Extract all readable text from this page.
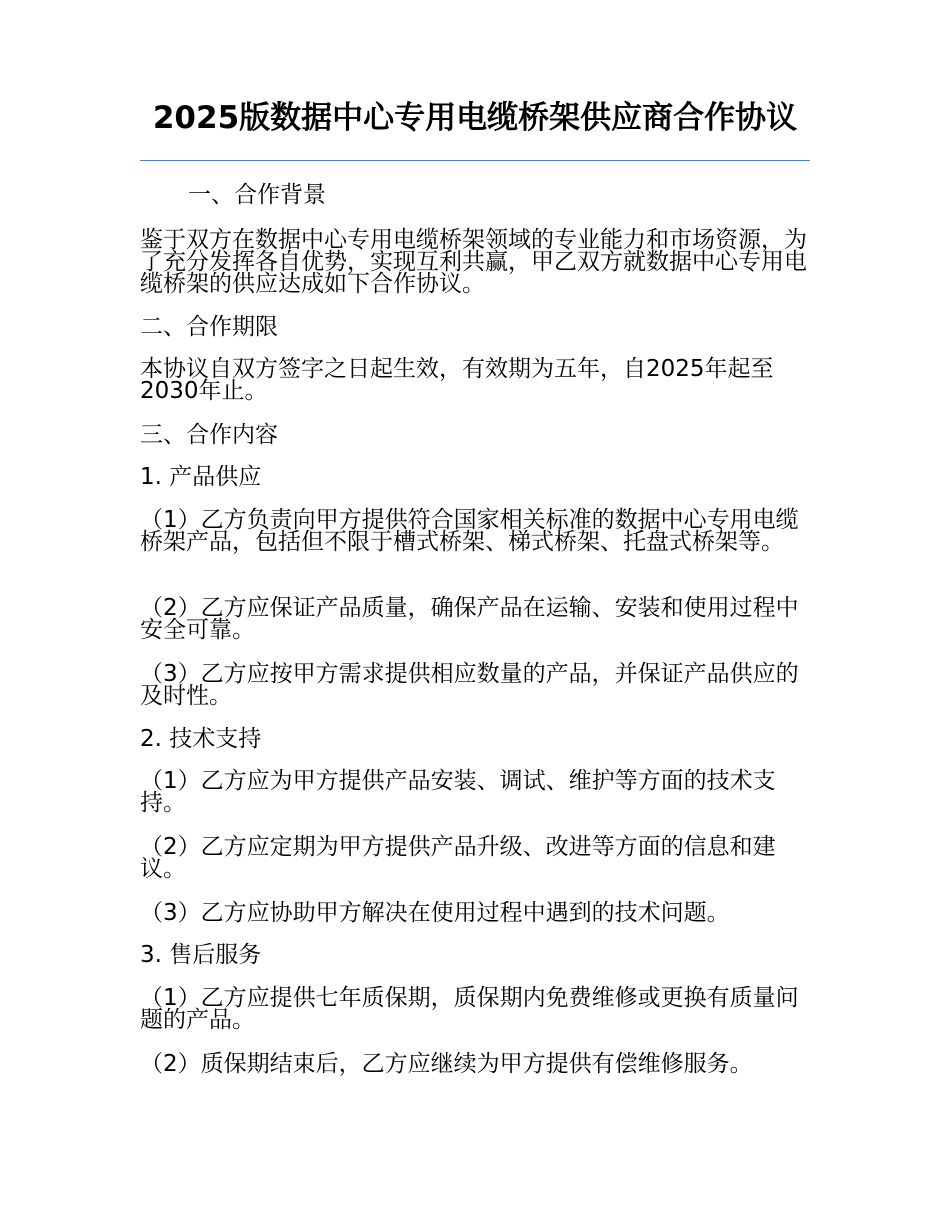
2025版数据中心专用电缆桥架供应商合作协议
一、合作背景
鉴于双方在数据中心专用电缆桥架领域的专业能力和市场资源，为了充分发挥各自优势，实现互利共赢，甲乙双方就数据中心专用电缆桥架的供应达成如下合作协议。
二、合作期限
本协议自双方签字之日起生效，有效期为五年，自2025年起至2030年止。
三、合作内容
1. 产品供应
（1）乙方负责向甲方提供符合国家相关标准的数据中心专用电缆桥架产品，包括但不限于槽式桥架、梯式桥架、托盘式桥架等。
（2）乙方应保证产品质量，确保产品在运输、安装和使用过程中安全可靠。
（3）乙方应按甲方需求提供相应数量的产品，并保证产品供应的及时性。
2. 技术支持
（1）乙方应为甲方提供产品安装、调试、维护等方面的技术支持。
（2）乙方应定期为甲方提供产品升级、改进等方面的信息和建议。
（3）乙方应协助甲方解决在使用过程中遇到的技术问题。
3. 售后服务
（1）乙方应提供七年质保期，质保期内免费维修或更换有质量问题的产品。
（2）质保期结束后，乙方应继续为甲方提供有偿维修服务。
